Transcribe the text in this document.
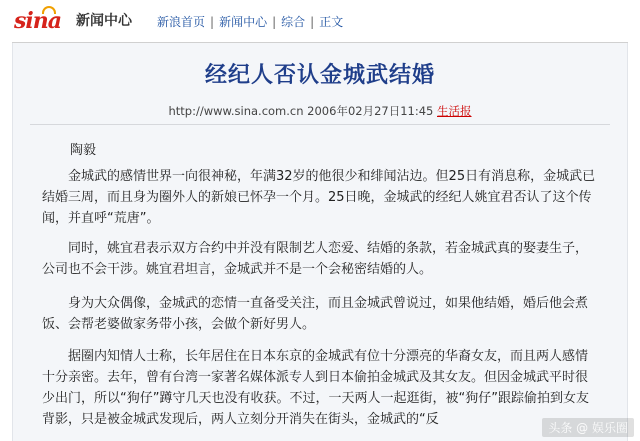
sina 新闻中心 新浪首页 | 新闻中心 | 综合 | 正文
经纪人否认金城武结婚
http://www.sina.com.cn 2006年02月27日11:45 生活报
陶毅

金城武的感情世界一向很神秘，年满32岁的他很少和绯闻沾边。但25日有消息称，金城武已结婚三周，而且身为圈外人的新娘已怀孕一个月。25日晚，金城武的经纪人姚宜君否认了这个传闻，并直呼“荒唐”。

同时，姚宜君表示双方合约中并没有限制艺人恋爱、结婚的条款，若金城武真的娶妻生子，公司也不会干涉。姚宜君坦言，金城武并不是一个会秘密结婚的人。

身为大众偶像，金城武的恋情一直备受关注，而且金城武曾说过，如果他结婚，婚后他会煮饭、会帮老婆做家务带小孩，会做个新好男人。

据圈内知情人士称，长年居住在日本东京的金城武有位十分漂亮的华裔女友，而且两人感情十分亲密。去年，曾有台湾一家著名媒体派专人到日本偷拍金城武及其女友。但因金城武平时很少出门，所以“狗仔”蹲守几天也没有收获。不过，一天两人一起逛街，被“狗仔”跟踪偷拍到女友背影，只是被金城武发现后，两人立刻分开消失在街头，金城武的“反

头条 @ 娱乐圈
